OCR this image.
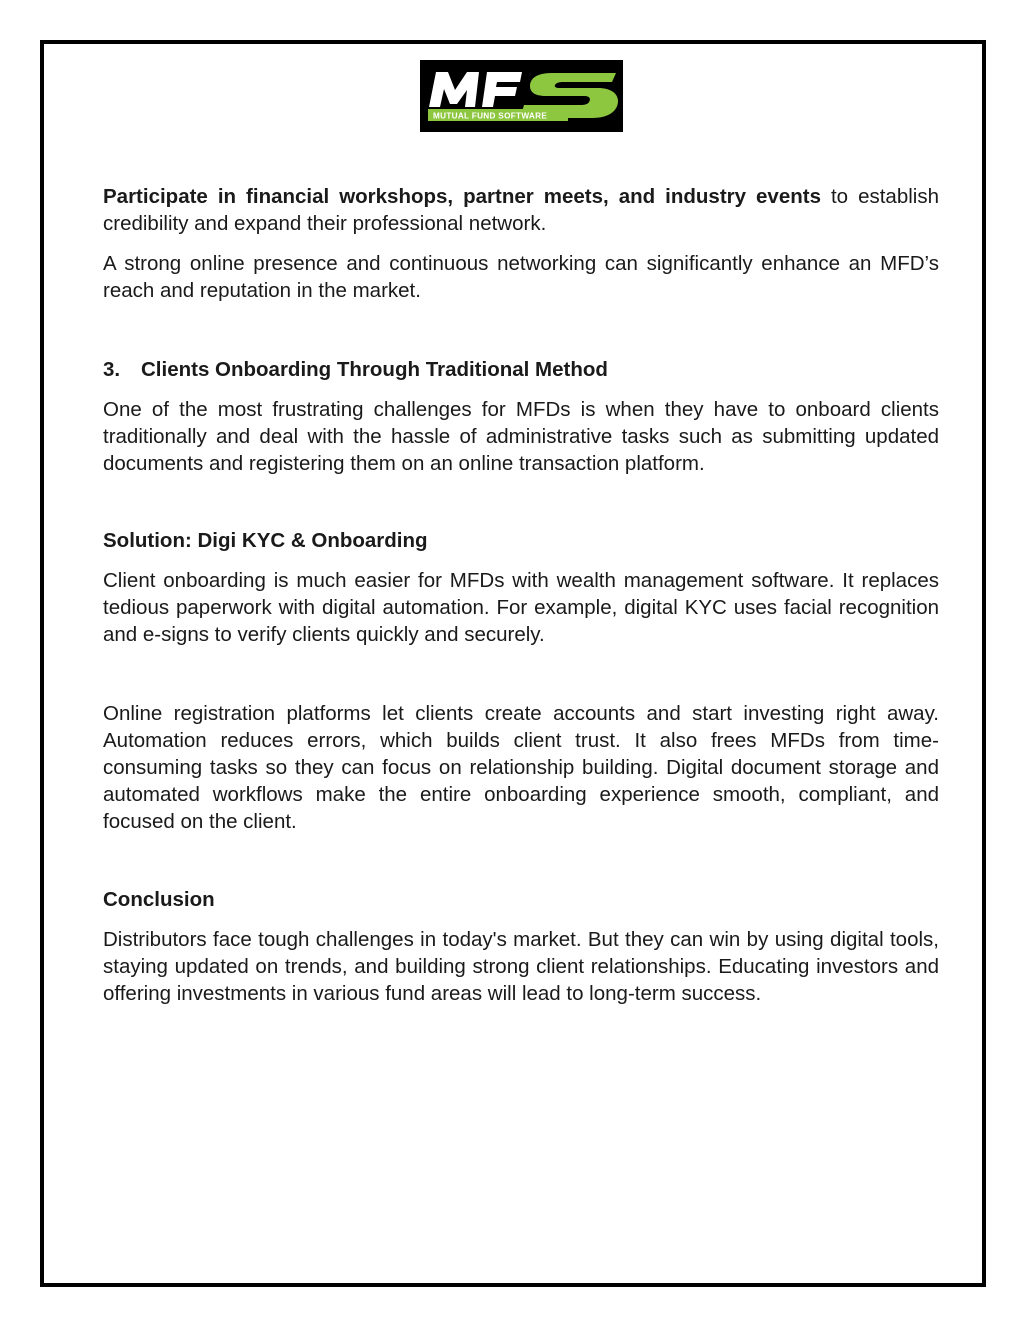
MUTUAL FUND SOFTWARE

Participate in financial workshops, partner meets, and industry events to establish credibility and expand their professional network.

A strong online presence and continuous networking can significantly enhance an MFD’s reach and reputation in the market.

3. Clients Onboarding Through Traditional Method

One of the most frustrating challenges for MFDs is when they have to onboard clients traditionally and deal with the hassle of administrative tasks such as submitting updated documents and registering them on an online transaction platform.

Solution: Digi KYC & Onboarding

Client onboarding is much easier for MFDs with wealth management software. It replaces tedious paperwork with digital automation. For example, digital KYC uses facial recognition and e-signs to verify clients quickly and securely.

Online registration platforms let clients create accounts and start investing right away. Automation reduces errors, which builds client trust. It also frees MFDs from time-consuming tasks so they can focus on relationship building. Digital document storage and automated workflows make the entire onboarding experience smooth, compliant, and focused on the client.

Conclusion

Distributors face tough challenges in today's market. But they can win by using digital tools, staying updated on trends, and building strong client relationships. Educating investors and offering investments in various fund areas will lead to long-term success.
